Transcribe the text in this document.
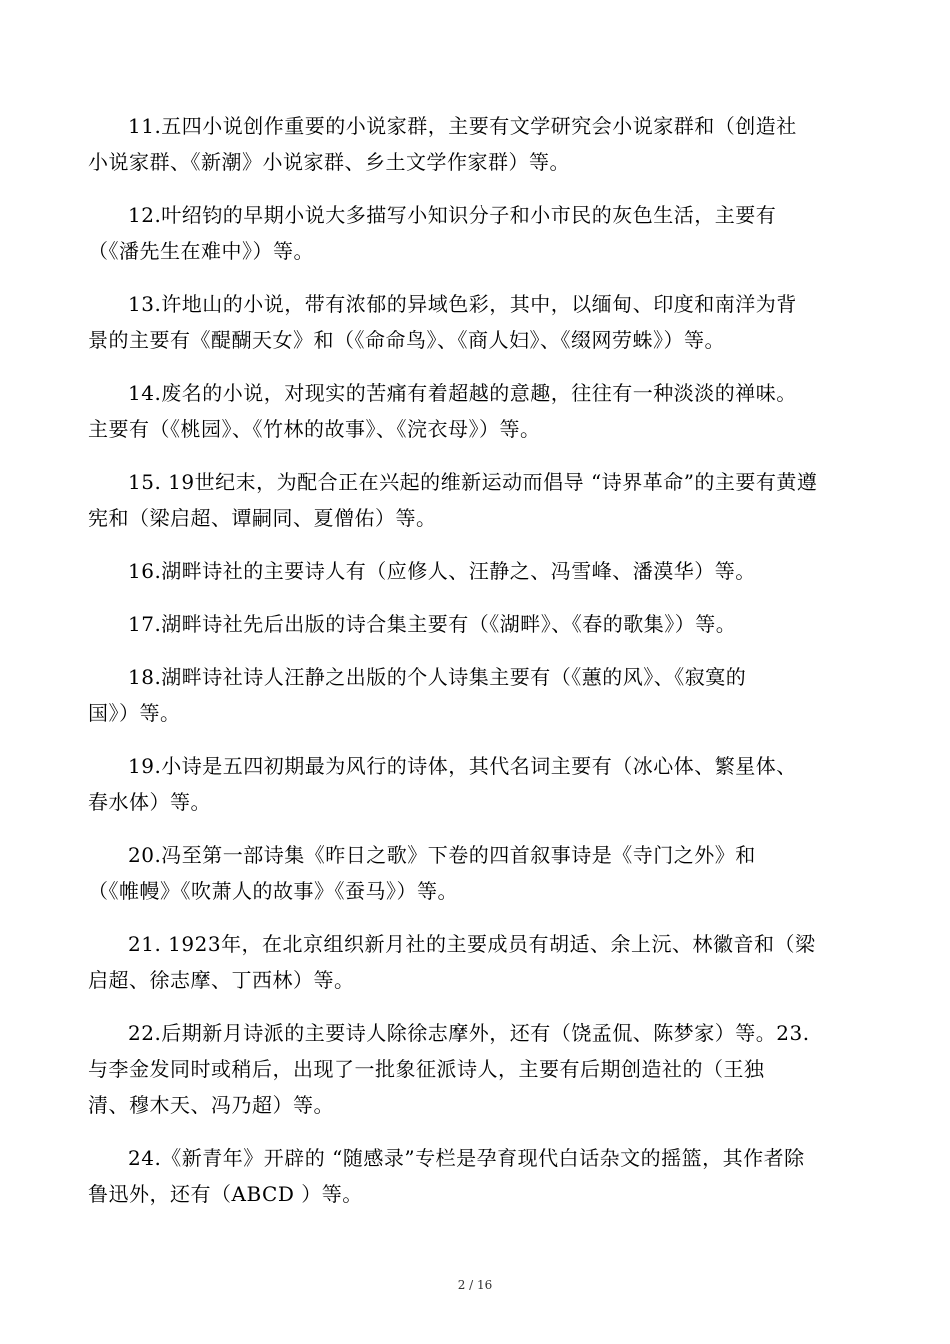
11.五四小说创作重要的小说家群，主要有文学研究会小说家群和（创造社
小说家群、《新潮》小说家群、乡土文学作家群）等。

12.叶绍钧的早期小说大多描写小知识分子和小市民的灰色生活，主要有
（《潘先生在难中》）等。

13.许地山的小说，带有浓郁的异域色彩，其中，以缅甸、印度和南洋为背
景的主要有《醍醐天女》和（《命命鸟》、《商人妇》、《缀网劳蛛》）等。

14.废名的小说，对现实的苦痛有着超越的意趣，往往有一种淡淡的禅味。
主要有（《桃园》、《竹林的故事》、《浣衣母》）等。

15. 19世纪末，为配合正在兴起的维新运动而倡导 “诗界革命”的主要有黄遵
宪和（梁启超、谭嗣同、夏僧佑）等。

16.湖畔诗社的主要诗人有（应修人、汪静之、冯雪峰、潘漠华）等。

17.湖畔诗社先后出版的诗合集主要有（《湖畔》、《春的歌集》）等。

18.湖畔诗社诗人汪静之出版的个人诗集主要有（《蕙的风》、《寂寞的
国》）等。

19.小诗是五四初期最为风行的诗体，其代名词主要有（冰心体、繁星体、
春水体）等。

20.冯至第一部诗集《昨日之歌》下卷的四首叙事诗是《寺门之外》和
（《帷幔》《吹萧人的故事》《蚕马》）等。

21. 1923年，在北京组织新月社的主要成员有胡适、余上沅、林徽音和（梁
启超、徐志摩、丁西林）等。

22.后期新月诗派的主要诗人除徐志摩外，还有（饶孟侃、陈梦家）等。23.
与李金发同时或稍后，出现了一批象征派诗人，主要有后期创造社的（王独
清、穆木天、冯乃超）等。

24.《新青年》开辟的 “随感录”专栏是孕育现代白话杂文的摇篮，其作者除
鲁迅外，还有（ABCD ）等。

2 / 16
